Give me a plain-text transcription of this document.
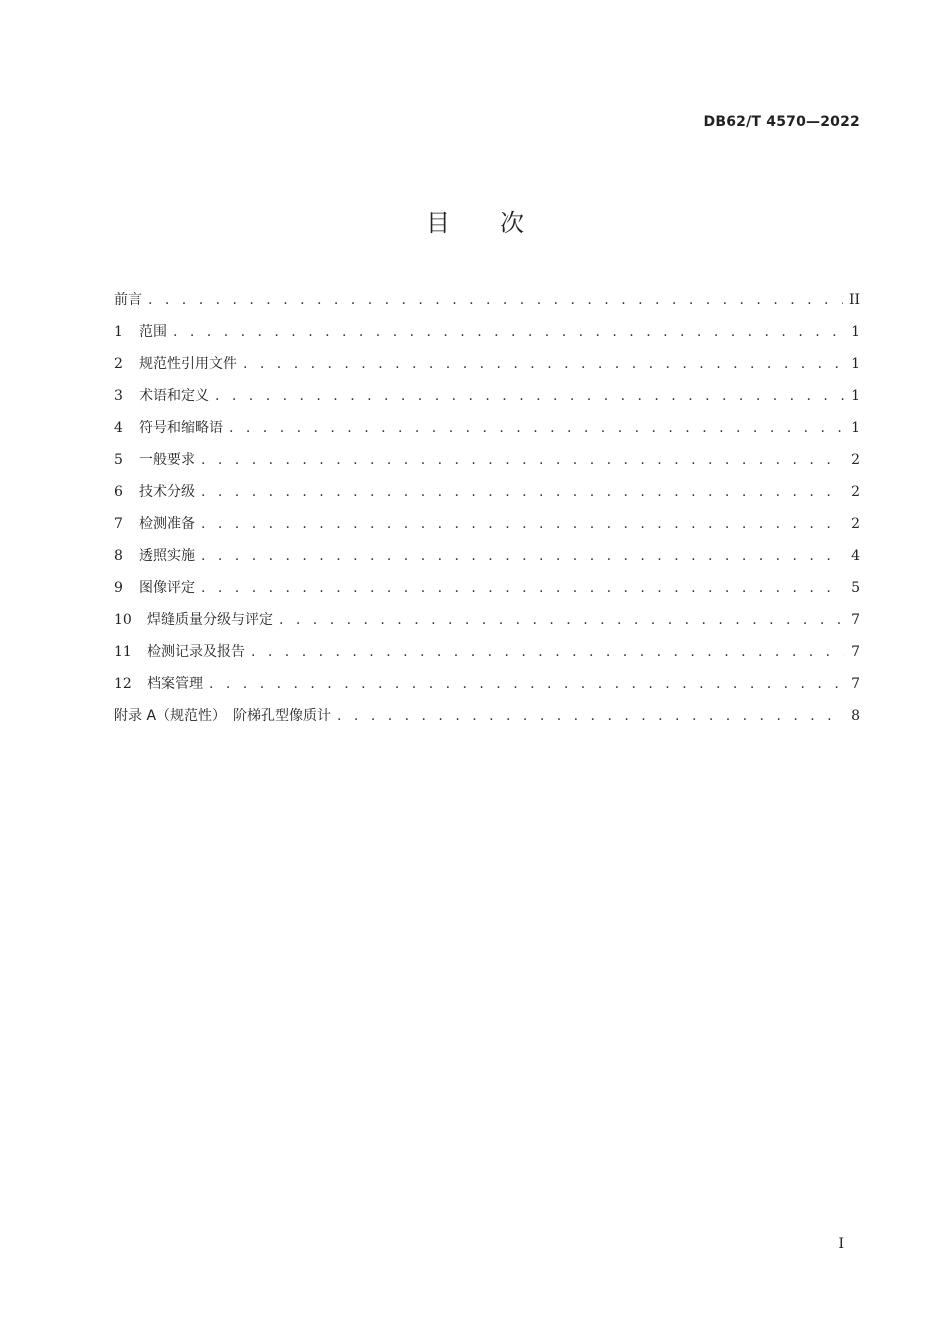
DB62/T 4570—2022
目次
前言 . . .	II
1	范围 . . .	1
2	规范性引用文件 . . .	1
3	术语和定义 . . .	1
4	符号和缩略语 . . .	1
5	一般要求 . . .	2
6	技术分级 . . .	2
7	检测准备 . . .	2
8	透照实施 . . .	4
9	图像评定 . . .	5
10	焊缝质量分级与评定 . . .	7
11	检测记录及报告 . . .	7
12	档案管理 . . .	7
附录 A（规范性）　阶梯孔型像质计 . . .	8
I
